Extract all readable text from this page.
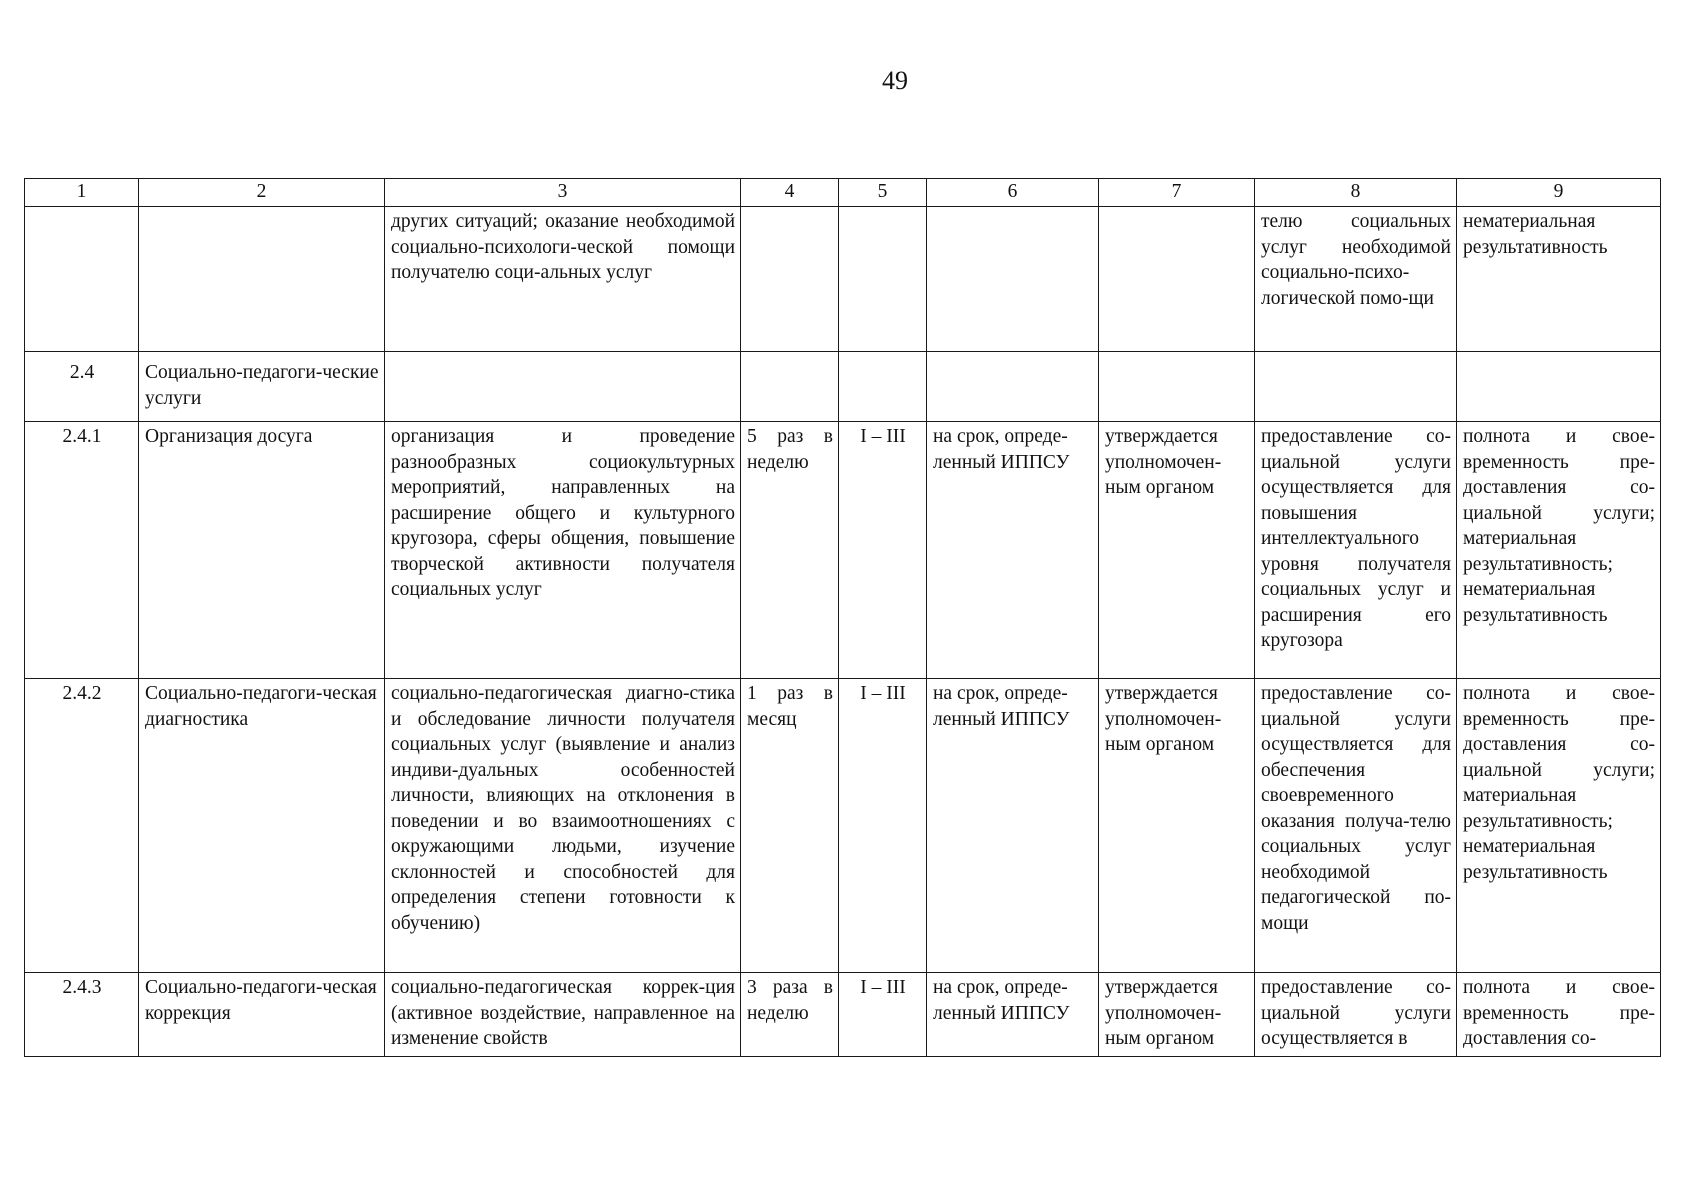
49
1	2	3	4	5	6	7	8	9
		других ситуаций; оказание необходимой социально-психологи-ческой помощи получателю соци-альных услуг					телю социальных услуг необходимой социально-психо-логической помо-щи	нематериальная результативность
2.4	Социально-педагоги-ческие услуги							
2.4.1	Организация досуга	организация и проведение разнообразных социокультурных мероприятий, направленных на расширение общего и культурного кругозора, сферы общения, повышение творческой активности получателя социальных услуг	5 раз в неделю	I – III	на срок, опреде-ленный ИППСУ	утверждается уполномочен-ным органом	предоставление со-циальной услуги осуществляется для повышения интеллектуального уровня получателя социальных услуг и расширения его кругозора	полнота и свое-временность пре-доставления со-циальной услуги; материальная результативность; нематериальная результативность
2.4.2	Социально-педагоги-ческая диагностика	социально-педагогическая диагно-стика и обследование личности получателя социальных услуг (выявление и анализ индиви-дуальных особенностей личности, влияющих на отклонения в поведении и во взаимоотношениях с окружающими людьми, изучение склонностей и способностей для определения степени готовности к обучению)	1 раз в месяц	I – III	на срок, опреде-ленный ИППСУ	утверждается уполномочен-ным органом	предоставление со-циальной услуги осуществляется для обеспечения своевременного оказания получа-телю социальных услуг необходимой педагогической по-мощи	полнота и свое-временность пре-доставления со-циальной услуги; материальная результативность; нематериальная результативность
2.4.3	Социально-педагоги-ческая коррекция	социально-педагогическая коррек-ция (активное воздействие, направленное на изменение свойств	3 раза в неделю	I – III	на срок, опреде-ленный ИППСУ	утверждается уполномочен-ным органом	предоставление со-циальной услуги осуществляется в	полнота и свое-временность пре-доставления со-
